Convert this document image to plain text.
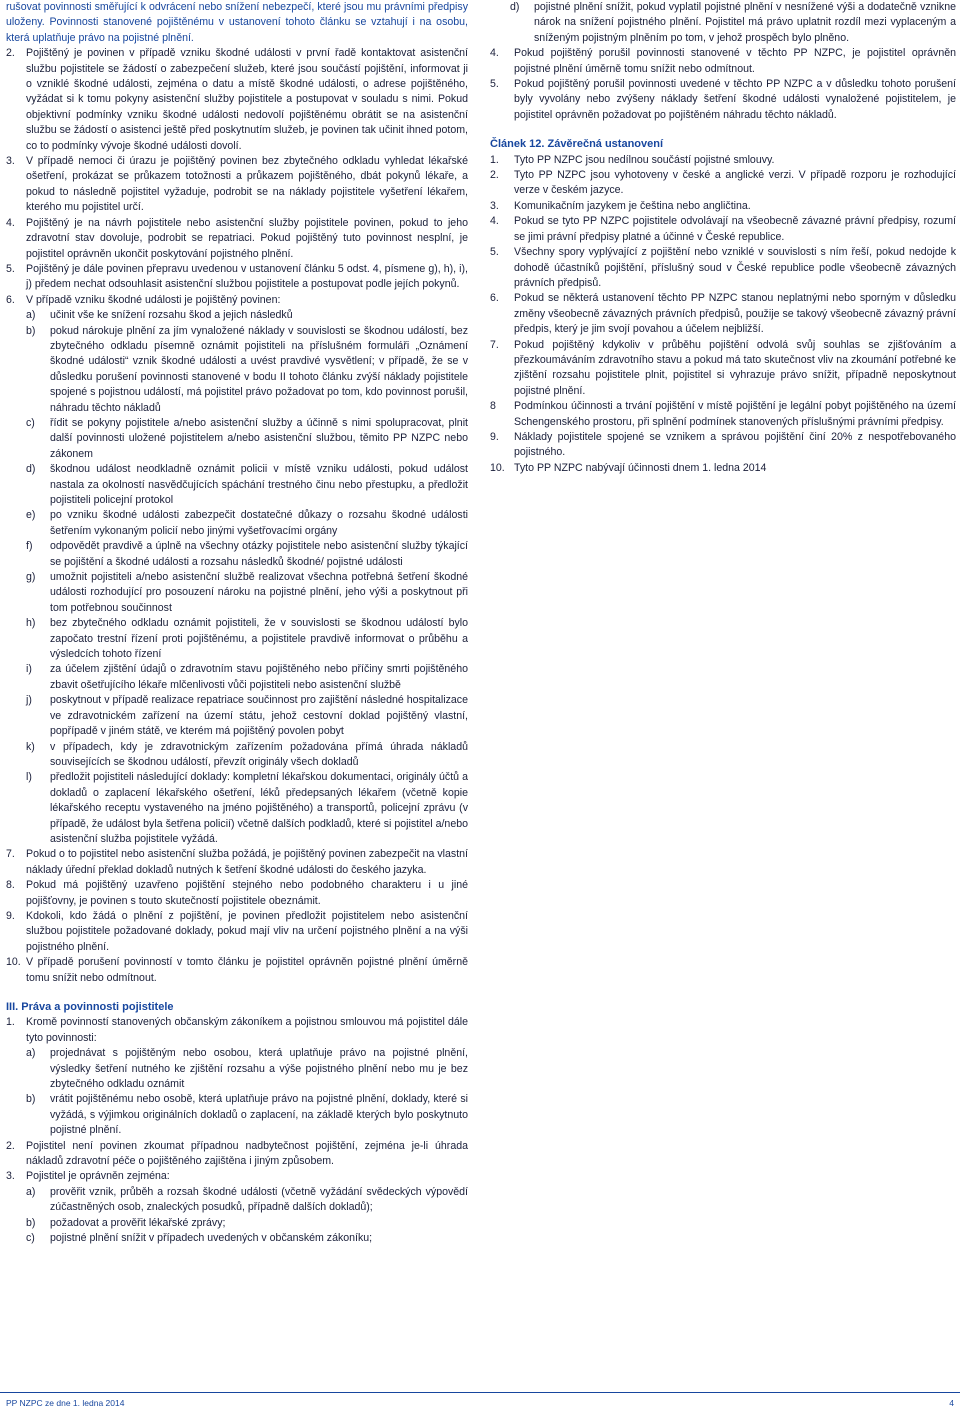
rušovat povinnosti směřující k odvrácení nebo snížení nebezpečí, které jsou mu právními předpisy uloženy. Povinnosti stanovené pojištěnému v ustanovení tohoto článku se vztahují i na osobu, která uplatňuje právo na pojistné plnění.

2.	Pojištěný je povinen v případě vzniku škodné události v první řadě kontaktovat asistenční službu pojistitele se žádostí o zabezpečení služeb, které jsou součástí pojištění, informovat ji o vzniklé škodné události, zejména o datu a místě škodné události, o adrese pojištěného, vyžádat si k tomu pokyny asistenční služby pojistitele a postupovat v souladu s nimi. Pokud objektivní podmínky vzniku škodné události nedovolí pojištěnému obrátit se na asistenční službu se žádostí o asistenci ještě před poskytnutím služeb, je povinen tak učinit ihned potom, co to podmínky vývoje škodné události dovolí.
3.	V případě nemoci či úrazu je pojištěný povinen bez zbytečného odkladu vyhledat lékařské ošetření, prokázat se průkazem totožnosti a průkazem pojištěného, dbát pokynů lékaře, a pokud to následně pojistitel vyžaduje, podrobit se na náklady pojistitele vyšetření lékařem, kterého mu pojistitel určí.
4.	Pojištěný je na návrh pojistitele nebo asistenční služby pojistitele povinen, pokud to jeho zdravotní stav dovoluje, podrobit se repatriaci. Pokud pojištěný tuto povinnost nesplní, je pojistitel oprávněn ukončit poskytování pojistného plnění.
5.	Pojištěný je dále povinen přepravu uvedenou v ustanovení článku 5 odst. 4, písmene g), h), i), j) předem nechat odsouhlasit asistenční službou pojistitele a postupovat podle jejích pokynů.
6.	V případě vzniku škodné události je pojištěný povinen:
a)	učinit vše ke snížení rozsahu škod a jejich následků
b)	pokud nárokuje plnění za jím vynaložené náklady v souvislosti se škodnou událostí, bez zbytečného odkladu písemně oznámit pojistiteli na příslušném formuláři „Oznámení škodné události“ vznik škodné události a uvést pravdivé vysvětlení; v případě, že se v důsledku porušení povinnosti stanovené v bodu II tohoto článku zvýší náklady pojistitele spojené s pojistnou událostí, má pojistitel právo požadovat po tom, kdo povinnost porušil, náhradu těchto nákladů
c)	řídit se pokyny pojistitele a/nebo asistenční služby a účinně s nimi spolupracovat, plnit další povinnosti uložené pojistitelem a/nebo asistenční službou, těmito PP NZPC nebo zákonem
d)	škodnou událost neodkladně oznámit policii v místě vzniku události, pokud událost nastala za okolností nasvědčujících spáchání trestného činu nebo přestupku, a předložit pojistiteli policejní protokol
e)	po vzniku škodné události zabezpečit dostatečné důkazy o rozsahu škodné události šetřením vykonaným policií nebo jinými vyšetřovacími orgány
f)	odpovědět pravdivě a úplně na všechny otázky pojistitele nebo asistenční služby týkající se pojištění a škodné události a rozsahu následků škodné/ pojistné události
g)	umožnit pojistiteli a/nebo asistenční službě realizovat všechna potřebná šetření škodné události rozhodující pro posouzení nároku na pojistné plnění, jeho výši a poskytnout při tom potřebnou součinnost
h)	bez zbytečného odkladu oznámit pojistiteli, že v souvislosti se škodnou událostí bylo započato trestní řízení proti pojištěnému, a pojistitele pravdivě informovat o průběhu a výsledcích tohoto řízení
i)	za účelem zjištění údajů o zdravotním stavu pojištěného nebo příčiny smrti pojištěného zbavit ošetřujícího lékaře mlčenlivosti vůči pojistiteli nebo asistenční službě
j)	poskytnout v případě realizace repatriace součinnost pro zajištění následné hospitalizace ve zdravotnickém zařízení na území státu, jehož cestovní doklad pojištěný vlastní, popřípadě v jiném státě, ve kterém má pojištěný povolen pobyt
k)	v případech, kdy je zdravotnickým zařízením požadována přímá úhrada nákladů souvisejících se škodnou událostí, převzít originály všech dokladů
l)	předložit pojistiteli následující doklady: kompletní lékařskou dokumentaci, originály účtů a dokladů o zaplacení lékařského ošetření, léků předepsaných lékařem (včetně kopie lékařského receptu vystaveného na jméno pojištěného) a transportů, policejní zprávu (v případě, že událost byla šetřena policií) včetně dalších podkladů, které si pojistitel a/nebo asistenční služba pojistitele vyžádá.
7.	Pokud o to pojistitel nebo asistenční služba požádá, je pojištěný povinen zabezpečit na vlastní náklady úřední překlad dokladů nutných k šetření škodné události do českého jazyka.
8.	Pokud má pojištěný uzavřeno pojištění stejného nebo podobného charakteru i u jiné pojišťovny, je povinen s touto skutečností pojistitele obeznámit.
9.	Kdokoli, kdo žádá o plnění z pojištění, je povinen předložit pojistitelem nebo asistenční službou pojistitele požadované doklady, pokud mají vliv na určení pojistného plnění a na výši pojistného plnění.
10. V případě porušení povinností v tomto článku je pojistitel oprávněn pojistné plnění úměrně tomu snížit nebo odmítnout.
III. Práva a povinnosti pojistitele
1.	Kromě povinností stanovených občanským zákoníkem a pojistnou smlouvou má pojistitel dále tyto povinnosti:
a)	projednávat s pojištěným nebo osobou, která uplatňuje právo na pojistné plnění, výsledky šetření nutného ke zjištění rozsahu a výše pojistného plnění nebo mu je bez zbytečného odkladu oznámit
b)	vrátit pojištěnému nebo osobě, která uplatňuje právo na pojistné plnění, doklady, které si vyžádá, s výjimkou originálních dokladů o zaplacení, na základě kterých bylo poskytnuto pojistné plnění.
2.	Pojistitel není povinen zkoumat případnou nadbytečnost pojištění, zejména je-li úhrada nákladů zdravotní péče o pojištěného zajištěna i jiným způsobem.
3.	Pojistitel je oprávněn zejména:
a)	prověřit vznik, průběh a rozsah škodné události (včetně vyžádání svědeckých výpovědí zúčastněných osob, znaleckých posudků, případně dalších dokladů);
b)	požadovat a prověřit lékařské zprávy;
c)	pojistné plnění snížit v případech uvedených v občanském zákoníku;
d)	pojistné plnění snížit, pokud vyplatil pojistné plnění v nesnížené výši a dodatečně vznikne nárok na snížení pojistného plnění. Pojistitel má právo uplatnit rozdíl mezi vyplaceným a sníženým pojistným plněním po tom, v jehož prospěch bylo plněno.
4.	Pokud pojištěný porušil povinnosti stanovené v těchto PP NZPC, je pojistitel oprávněn pojistné plnění úměrně tomu snížit nebo odmítnout.
5.	Pokud pojištěný porušil povinnosti uvedené v těchto PP NZPC a v důsledku tohoto porušení byly vyvolány nebo zvýšeny náklady šetření škodné události vynaložené pojistitelem, je pojistitel oprávněn požadovat po pojištěném náhradu těchto nákladů.
Článek 12. Závěrečná ustanovení
1.	Tyto PP NZPC jsou nedílnou součástí pojistné smlouvy.
2.	Tyto PP NZPC jsou vyhotoveny v české a anglické verzi. V případě rozporu je rozhodující verze v českém jazyce.
3.	Komunikačním jazykem je čeština nebo angličtina.
4.	Pokud se tyto PP NZPC pojistitele odvolávají na všeobecně závazné právní předpisy, rozumí se jimi právní předpisy platné a účinné v České republice.
5.	Všechny spory vyplývající z pojištění nebo vzniklé v souvislosti s ním řeší, pokud nedojde k dohodě účastníků pojištění, příslušný soud v České republice podle všeobecně závazných právních předpisů.
6.	Pokud se některá ustanovení těchto PP NZPC stanou neplatnými nebo sporným v důsledku změny všeobecně závazných právních předpisů, použije se takový všeobecně závazný právní předpis, který je jim svojí povahou a účelem nejbližší.
7.	Pokud pojištěný kdykoliv v průběhu pojištění odvolá svůj souhlas se zjišťováním a přezkoumáváním zdravotního stavu a pokud má tato skutečnost vliv na zkoumání potřebné ke zjištění rozsahu pojistitele plnit, pojistitel si vyhrazuje právo snížit, případně neposkytnout pojistné plnění.
8	Podmínkou účinnosti a trvání pojištění v místě pojištění je legální pobyt pojištěného na území Schengenského prostoru, při splnění podmínek stanovených příslušnými právními předpisy.
9.	Náklady pojistitele spojené se vznikem a správou pojištění činí 20% z nespotřebovaného pojistného.
10. Tyto PP NZPC nabývají účinnosti dnem 1. ledna 2014
PP NZPC ze dne 1. ledna 2014	4
